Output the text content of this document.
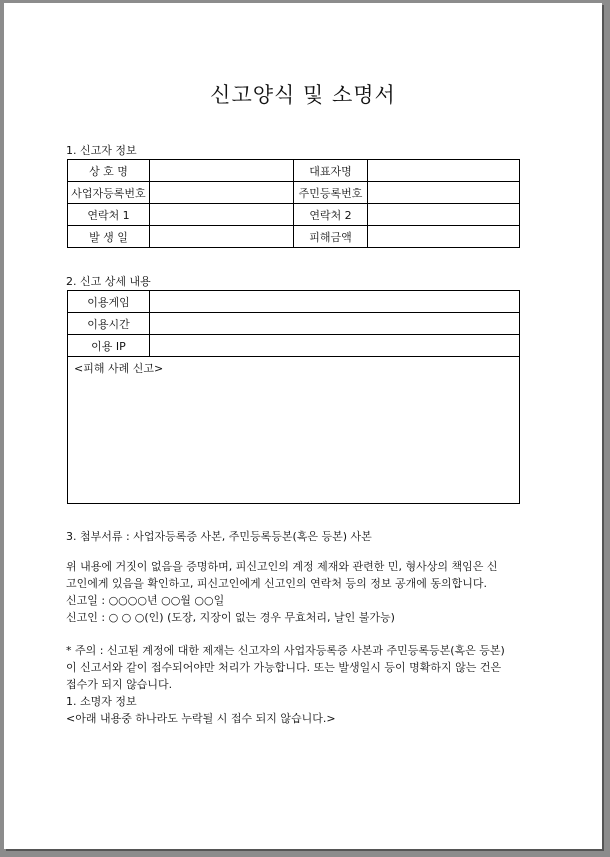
신고양식 및 소명서
1. 신고자 정보
상 호 명		대표자명	
사업자등록번호		주민등록번호	
연락처 1		연락처 2	
발 생 일		피해금액	
2. 신고 상세 내용
이용게임	
이용시간	
이용 IP	
<피해 사례 신고>
3. 첨부서류 : 사업자등록증 사본, 주민등록등본(혹은 등본) 사본
위 내용에 거짓이 없음을 증명하며, 피신고인의 계정 제재와 관련한 민, 형사상의 책임은 신
고인에게 있음을 확인하고, 피신고인에게 신고인의 연락처 등의 정보 공개에 동의합니다.
신고일 : ○○○○년 ○○월 ○○일
신고인 : ○ ○ ○(인) (도장, 지장이 없는 경우 무효처리, 날인 불가능)
* 주의 : 신고된 계정에 대한 제재는 신고자의 사업자등록증 사본과 주민등록등본(혹은 등본)
이 신고서와 같이 접수되어야만 처리가 가능합니다. 또는 발생일시 등이 명확하지 않는 건은
접수가 되지 않습니다.
1. 소명자 정보
<아래 내용중 하나라도 누락될 시 접수 되지 않습니다.>
